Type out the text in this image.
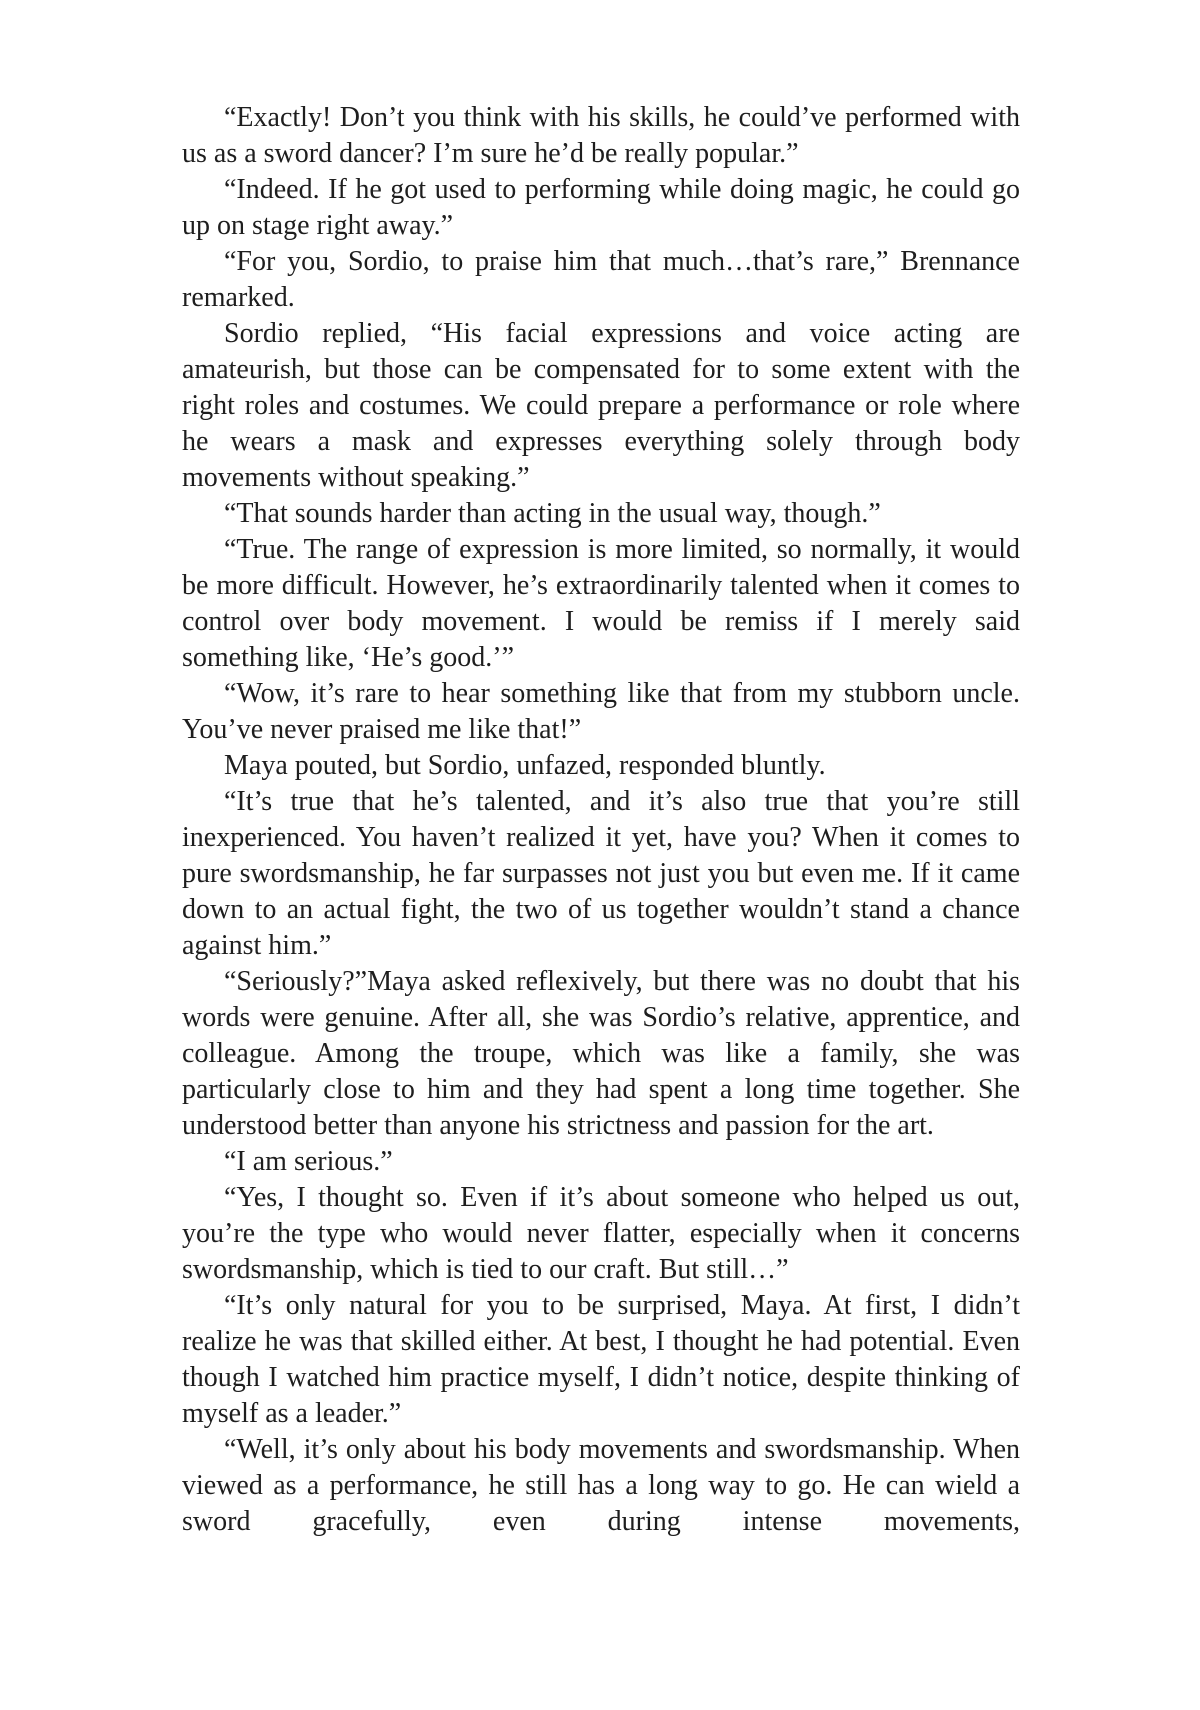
“Exactly! Don’t you think with his skills, he could’ve performed with us as a sword dancer? I’m sure he’d be really popular.”

“Indeed. If he got used to performing while doing magic, he could go up on stage right away.”

“For you, Sordio, to praise him that much…that’s rare,” Brennance remarked.

Sordio replied, “His facial expressions and voice acting are amateurish, but those can be compensated for to some extent with the right roles and costumes. We could prepare a performance or role where he wears a mask and expresses everything solely through body movements without speaking.”

“That sounds harder than acting in the usual way, though.”

“True. The range of expression is more limited, so normally, it would be more difficult. However, he’s extraordinarily talented when it comes to control over body movement. I would be remiss if I merely said something like, ‘He’s good.’”

“Wow, it’s rare to hear something like that from my stubborn uncle. You’ve never praised me like that!”

Maya pouted, but Sordio, unfazed, responded bluntly.

“It’s true that he’s talented, and it’s also true that you’re still inexperienced. You haven’t realized it yet, have you? When it comes to pure swordsmanship, he far surpasses not just you but even me. If it came down to an actual fight, the two of us together wouldn’t stand a chance against him.”

“Seriously?”Maya asked reflexively, but there was no doubt that his words were genuine. After all, she was Sordio’s relative, apprentice, and colleague. Among the troupe, which was like a family, she was particularly close to him and they had spent a long time together. She understood better than anyone his strictness and passion for the art.

“I am serious.”

“Yes, I thought so. Even if it’s about someone who helped us out, you’re the type who would never flatter, especially when it concerns swordsmanship, which is tied to our craft. But still…”

“It’s only natural for you to be surprised, Maya. At first, I didn’t realize he was that skilled either. At best, I thought he had potential. Even though I watched him practice myself, I didn’t notice, despite thinking of myself as a leader.”

“Well, it’s only about his body movements and swordsmanship. When viewed as a performance, he still has a long way to go. He can wield a sword gracefully, even during intense movements,
